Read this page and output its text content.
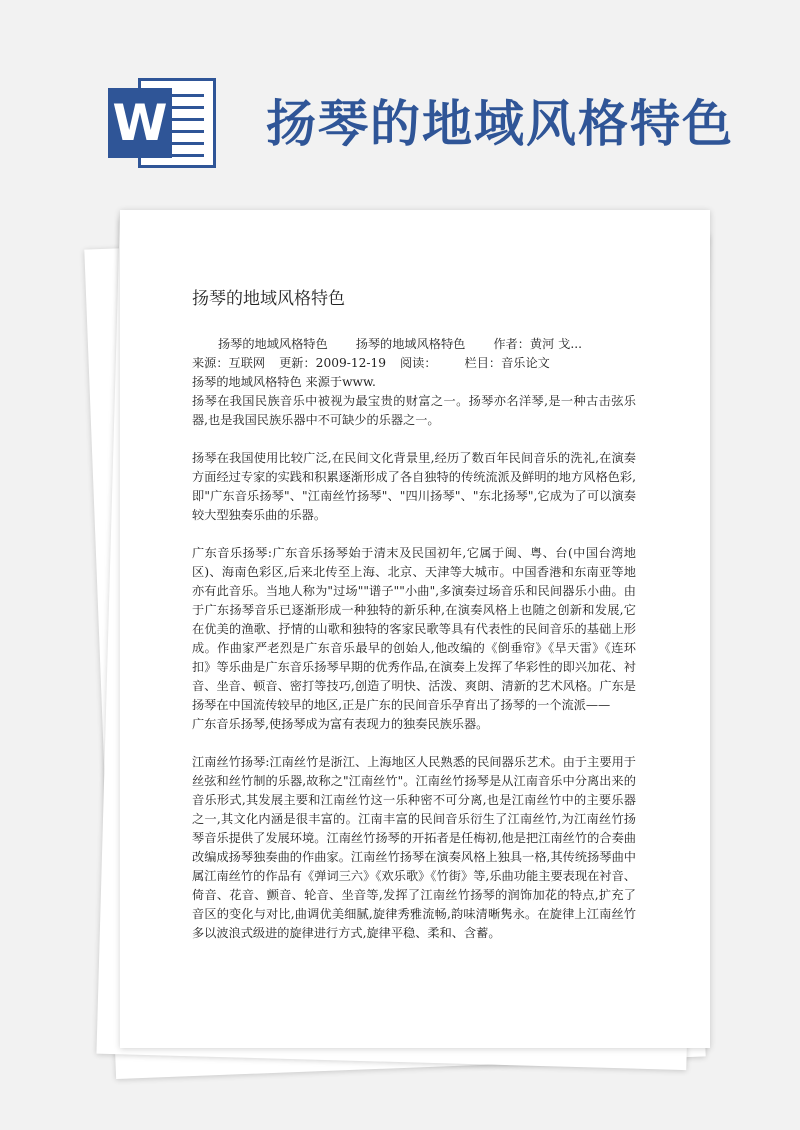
W 扬琴的地域风格特色
扬琴的地域风格特色
扬琴的地域风格特色 扬琴的地域风格特色 作者：黄河 戈...
来源：互联网 更新：2009-12-19 阅读： 栏目：音乐论文
扬琴的地域风格特色 来源于www.

扬琴在我国民族音乐中被视为最宝贵的财富之一。扬琴亦名洋琴,是一种古击弦乐器,也是我国民族乐器中不可缺少的乐器之一。

扬琴在我国使用比较广泛,在民间文化背景里,经历了数百年民间音乐的洗礼,在演奏方面经过专家的实践和积累逐渐形成了各自独特的传统流派及鲜明的地方风格色彩,即"广东音乐扬琴"、"江南丝竹扬琴"、"四川扬琴"、"东北扬琴",它成为了可以演奏较大型独奏乐曲的乐器。

广东音乐扬琴:广东音乐扬琴始于清末及民国初年,它属于闽、粤、台(中国台湾地区)、海南色彩区,后来北传至上海、北京、天津等大城市。中国香港和东南亚等地亦有此音乐。当地人称为"过场""谱子""小曲",多演奏过场音乐和民间器乐小曲。由于广东扬琴音乐已逐渐形成一种独特的新乐种,在演奏风格上也随之创新和发展,它在优美的渔歌、抒情的山歌和独特的客家民歌等具有代表性的民间音乐的基础上形成。作曲家严老烈是广东音乐最早的创始人,他改编的《倒垂帘》《旱天雷》《连环扣》等乐曲是广东音乐扬琴早期的优秀作品,在演奏上发挥了华彩性的即兴加花、衬音、坐音、顿音、密打等技巧,创造了明快、活泼、爽朗、清新的艺术风格。广东是扬琴在中国流传较早的地区,正是广东的民间音乐孕育出了扬琴的一个流派——

广东音乐扬琴,使扬琴成为富有表现力的独奏民族乐器。

江南丝竹扬琴:江南丝竹是浙江、上海地区人民熟悉的民间器乐艺术。由于主要用于丝弦和丝竹制的乐器,故称之"江南丝竹"。江南丝竹扬琴是从江南音乐中分离出来的音乐形式,其发展主要和江南丝竹这一乐种密不可分离,也是江南丝竹中的主要乐器之一,其文化内涵是很丰富的。江南丰富的民间音乐衍生了江南丝竹,为江南丝竹扬琴音乐提供了发展环境。江南丝竹扬琴的开拓者是任梅初,他是把江南丝竹的合奏曲改编成扬琴独奏曲的作曲家。江南丝竹扬琴在演奏风格上独具一格,其传统扬琴曲中属江南丝竹的作品有《弹词三六》《欢乐歌》《竹街》等,乐曲功能主要表现在衬音、倚音、花音、颤音、轮音、坐音等,发挥了江南丝竹扬琴的润饰加花的特点,扩充了音区的变化与对比,曲调优美细腻,旋律秀雅流畅,韵味清晰隽永。在旋律上江南丝竹多以波浪式级进的旋律进行方式,旋律平稳、柔和、含蓄。
